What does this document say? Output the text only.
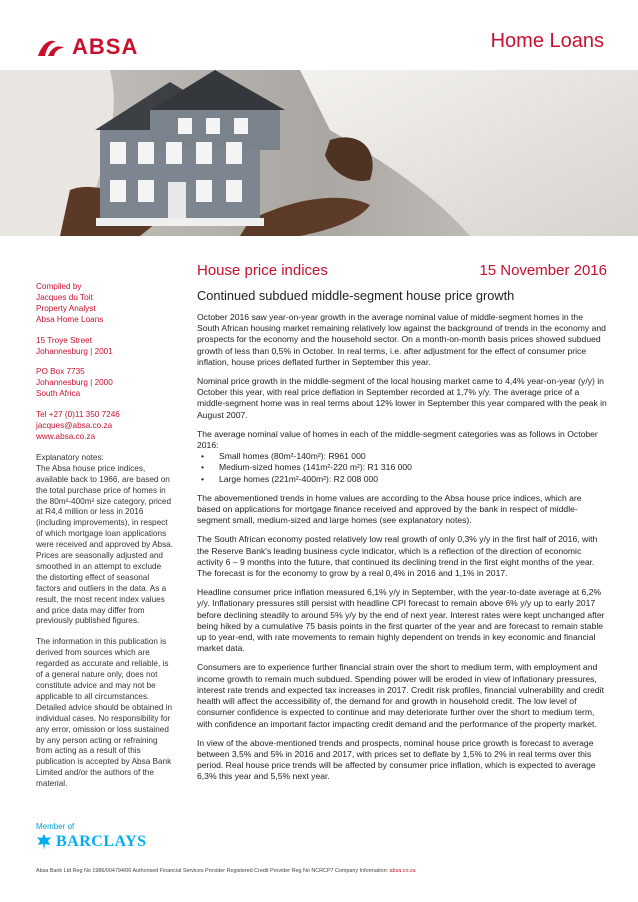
ABSA	Home Loans

Compiled by
Jacques du Toit
Property Analyst
Absa Home Loans

15 Troye Street
Johannesburg | 2001

PO Box 7735
Johannesburg | 2000
South Africa

Tel +27 (0)11 350 7246
jacques@absa.co.za
www.absa.co.za

Explanatory notes:
The Absa house price indices, available back to 1966, are based on the total purchase price of homes in the 80m²-400m² size category, priced at R4,4 million or less in 2016 (including improvements), in respect of which mortgage loan applications were received and approved by Absa. Prices are seasonally adjusted and smoothed in an attempt to exclude the distorting effect of seasonal factors and outliers in the data. As a result, the most recent index values and price data may differ from previously published figures.

The information in this publication is derived from sources which are regarded as accurate and reliable, is of a general nature only, does not constitute advice and may not be applicable to all circumstances. Detailed advice should be obtained in individual cases. No responsibility for any error, omission or loss sustained by any person acting or refraining from acting as a result of this publication is accepted by Absa Bank Limited and/or the authors of the material.

House price indices	15 November 2016
Continued subdued middle-segment house price growth

October 2016 saw year-on-year growth in the average nominal value of middle-segment homes in the South African housing market remaining relatively low against the background of trends in the economy and prospects for the economy and the household sector. On a month-on-month basis prices showed subdued growth of less than 0,5% in October. In real terms, i.e. after adjustment for the effect of consumer price inflation, house prices deflated further in September this year.

Nominal price growth in the middle-segment of the local housing market came to 4,4% year-on-year (y/y) in October this year, with real price deflation in September recorded at 1,7% y/y. The average price of a middle-segment home was in real terms about 12% lower in September this year compared with the peak in August 2007.

The average nominal value of homes in each of the middle-segment categories was as follows in October 2016:

• Small homes (80m²-140m²): R961 000
• Medium-sized homes (141m²-220 m²): R1 316 000
• Large homes (221m²-400m²): R2 008 000

The abovementioned trends in home values are according to the Absa house price indices, which are based on applications for mortgage finance received and approved by the bank in respect of middle-segment small, medium-sized and large homes (see explanatory notes).

The South African economy posted relatively low real growth of only 0,3% y/y in the first half of 2016, with the Reserve Bank's leading business cycle indicator, which is a reflection of the direction of economic activity 6 – 9 months into the future, that continued its declining trend in the first eight months of the year. The forecast is for the economy to grow by a real 0,4% in 2016 and 1,1% in 2017.

Headline consumer price inflation measured 6,1% y/y in September, with the year-to-date average at 6,2% y/y. Inflationary pressures still persist with headline CPI forecast to remain above 6% y/y up to early 2017 before declining steadily to around 5% y/y by the end of next year. Interest rates were kept unchanged after being hiked by a cumulative 75 basis points in the first quarter of the year and are forecast to remain stable up to year-end, with rate movements to remain highly dependent on trends in key economic and financial market data.

Consumers are to experience further financial strain over the short to medium term, with employment and income growth to remain much subdued. Spending power will be eroded in view of inflationary pressures, interest rate trends and expected tax increases in 2017. Credit risk profiles, financial vulnerability and credit health will affect the accessibility of, the demand for and growth in household credit. The low level of consumer confidence is expected to continue and may deteriorate further over the short to medium term, with confidence an important factor impacting credit demand and the performance of the property market.

In view of the above-mentioned trends and prospects, nominal house price growth is forecast to average between 3,5% and 5% in 2016 and 2017, with prices set to deflate by 1,5% to 2% in real terms over this period. Real house price trends will be affected by consumer price inflation, which is expected to average 6,3% this year and 5,5% next year.

Member of
BARCLAYS
Absa Bank Ltd Reg No 1986/004794/06 Authorised Financial Services Provider Registered Credit Provider Reg No NCRCP7 Company Information: absa.co.za
